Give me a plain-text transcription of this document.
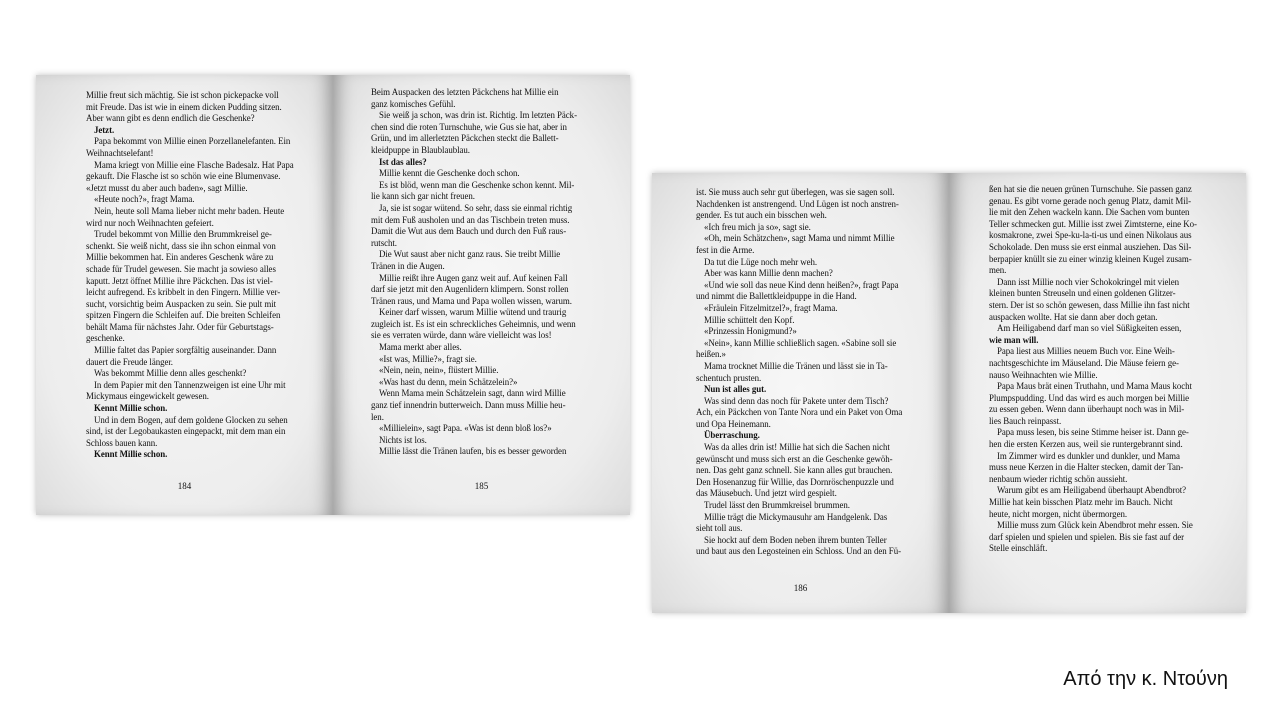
Millie freut sich mächtig. Sie ist schon pickepacke voll
mit Freude. Das ist wie in einem dicken Pudding sitzen.
Aber wann gibt es denn endlich die Geschenke?
Jetzt.
Papa bekommt von Millie einen Porzellanelefanten. Ein
Weihnachtselefant!
Mama kriegt von Millie eine Flasche Badesalz. Hat Papa
gekauft. Die Flasche ist so schön wie eine Blumenvase.
«Jetzt musst du aber auch baden», sagt Millie.
«Heute noch?», fragt Mama.
Nein, heute soll Mama lieber nicht mehr baden. Heute
wird nur noch Weihnachten gefeiert.
Trudel bekommt von Millie den Brummkreisel ge-
schenkt. Sie weiß nicht, dass sie ihn schon einmal von
Millie bekommen hat. Ein anderes Geschenk wäre zu
schade für Trudel gewesen. Sie macht ja sowieso alles
kaputt. Jetzt öffnet Millie ihre Päckchen. Das ist viel-
leicht aufregend. Es kribbelt in den Fingern. Millie ver-
sucht, vorsichtig beim Auspacken zu sein. Sie pult mit
spitzen Fingern die Schleifen auf. Die breiten Schleifen
behält Mama für nächstes Jahr. Oder für Geburtstags-
geschenke.
Millie faltet das Papier sorgfältig auseinander. Dann
dauert die Freude länger.
Was bekommt Millie denn alles geschenkt?
In dem Papier mit den Tannenzweigen ist eine Uhr mit
Mickymaus eingewickelt gewesen.
Kennt Millie schon.
Und in dem Bogen, auf dem goldene Glocken zu sehen
sind, ist der Legobaukasten eingepackt, mit dem man ein
Schloss bauen kann.
Kennt Millie schon.
184
Beim Auspacken des letzten Päckchens hat Millie ein
ganz komisches Gefühl.
Sie weiß ja schon, was drin ist. Richtig. Im letzten Päck-
chen sind die roten Turnschuhe, wie Gus sie hat, aber in
Grün, und im allerletzten Päckchen steckt die Ballett-
kleidpuppe in Blaublaublau.
Ist das alles?
Millie kennt die Geschenke doch schon.
Es ist blöd, wenn man die Geschenke schon kennt. Mil-
lie kann sich gar nicht freuen.
Ja, sie ist sogar wütend. So sehr, dass sie einmal richtig
mit dem Fuß ausholen und an das Tischbein treten muss.
Damit die Wut aus dem Bauch und durch den Fuß raus-
rutscht.
Die Wut saust aber nicht ganz raus. Sie treibt Millie
Tränen in die Augen.
Millie reißt ihre Augen ganz weit auf. Auf keinen Fall
darf sie jetzt mit den Augenlidern klimpern. Sonst rollen
Tränen raus, und Mama und Papa wollen wissen, warum.
Keiner darf wissen, warum Millie wütend und traurig
zugleich ist. Es ist ein schreckliches Geheimnis, und wenn
sie es verraten würde, dann wäre vielleicht was los!
Mama merkt aber alles.
«Ist was, Millie?», fragt sie.
«Nein, nein, nein», flüstert Millie.
«Was hast du denn, mein Schätzelein?»
Wenn Mama mein Schätzelein sagt, dann wird Millie
ganz tief innendrin butterweich. Dann muss Millie heu-
len.
«Millielein», sagt Papa. «Was ist denn bloß los?»
Nichts ist los.
Millie lässt die Tränen laufen, bis es besser geworden
185
ist. Sie muss auch sehr gut überlegen, was sie sagen soll.
Nachdenken ist anstrengend. Und Lügen ist noch anstren-
gender. Es tut auch ein bisschen weh.
«Ich freu mich ja so», sagt sie.
«Oh, mein Schätzchen», sagt Mama und nimmt Millie
fest in die Arme.
Da tut die Lüge noch mehr weh.
Aber was kann Millie denn machen?
«Und wie soll das neue Kind denn heißen?», fragt Papa
und nimmt die Ballettkleidpuppe in die Hand.
«Fräulein Fitzelmitzel?», fragt Mama.
Millie schüttelt den Kopf.
«Prinzessin Honigmund?»
«Nein», kann Millie schließlich sagen. «Sabine soll sie
heißen.»
Mama trocknet Millie die Tränen und lässt sie in Ta-
schentuch prusten.
Nun ist alles gut.
Was sind denn das noch für Pakete unter dem Tisch?
Ach, ein Päckchen von Tante Nora und ein Paket von Oma
und Opa Heinemann.
Überraschung.
Was da alles drin ist! Millie hat sich die Sachen nicht
gewünscht und muss sich erst an die Geschenke gewöh-
nen. Das geht ganz schnell. Sie kann alles gut brauchen.
Den Hosenanzug für Willie, das Dornröschenpuzzle und
das Mäusebuch. Und jetzt wird gespielt.
Trudel lässt den Brummkreisel brummen.
Millie trägt die Mickymausuhr am Handgelenk. Das
sieht toll aus.
Sie hockt auf dem Boden neben ihrem bunten Teller
und baut aus den Legosteinen ein Schloss. Und an den Fü-
186
ßen hat sie die neuen grünen Turnschuhe. Sie passen ganz
genau. Es gibt vorne gerade noch genug Platz, damit Mil-
lie mit den Zehen wackeln kann. Die Sachen vom bunten
Teller schmecken gut. Millie isst zwei Zimtsterne, eine Ko-
kosmakrone, zwei Spe-ku-la-ti-us und einen Nikolaus aus
Schokolade. Den muss sie erst einmal ausziehen. Das Sil-
berpapier knüllt sie zu einer winzig kleinen Kugel zusam-
men.
Dann isst Millie noch vier Schokokringel mit vielen
kleinen bunten Streuseln und einen goldenen Glitzer-
stern. Der ist so schön gewesen, dass Millie ihn fast nicht
auspacken wollte. Hat sie dann aber doch getan.
Am Heiligabend darf man so viel Süßigkeiten essen,
wie man will.
Papa liest aus Millies neuem Buch vor. Eine Weih-
nachtsgeschichte im Mäuseland. Die Mäuse feiern ge-
nauso Weihnachten wie Millie.
Papa Maus brät einen Truthahn, und Mama Maus kocht
Plumpspudding. Und das wird es auch morgen bei Millie
zu essen geben. Wenn dann überhaupt noch was in Mil-
lies Bauch reinpasst.
Papa muss lesen, bis seine Stimme heiser ist. Dann ge-
hen die ersten Kerzen aus, weil sie runtergebrannt sind.
Im Zimmer wird es dunkler und dunkler, und Mama
muss neue Kerzen in die Halter stecken, damit der Tan-
nenbaum wieder richtig schön aussieht.
Warum gibt es am Heiligabend überhaupt Abendbrot?
Millie hat kein bisschen Platz mehr im Bauch. Nicht
heute, nicht morgen, nicht übermorgen.
Millie muss zum Glück kein Abendbrot mehr essen. Sie
darf spielen und spielen und spielen. Bis sie fast auf der
Stelle einschläft.
Από την κ. Ντούνη
